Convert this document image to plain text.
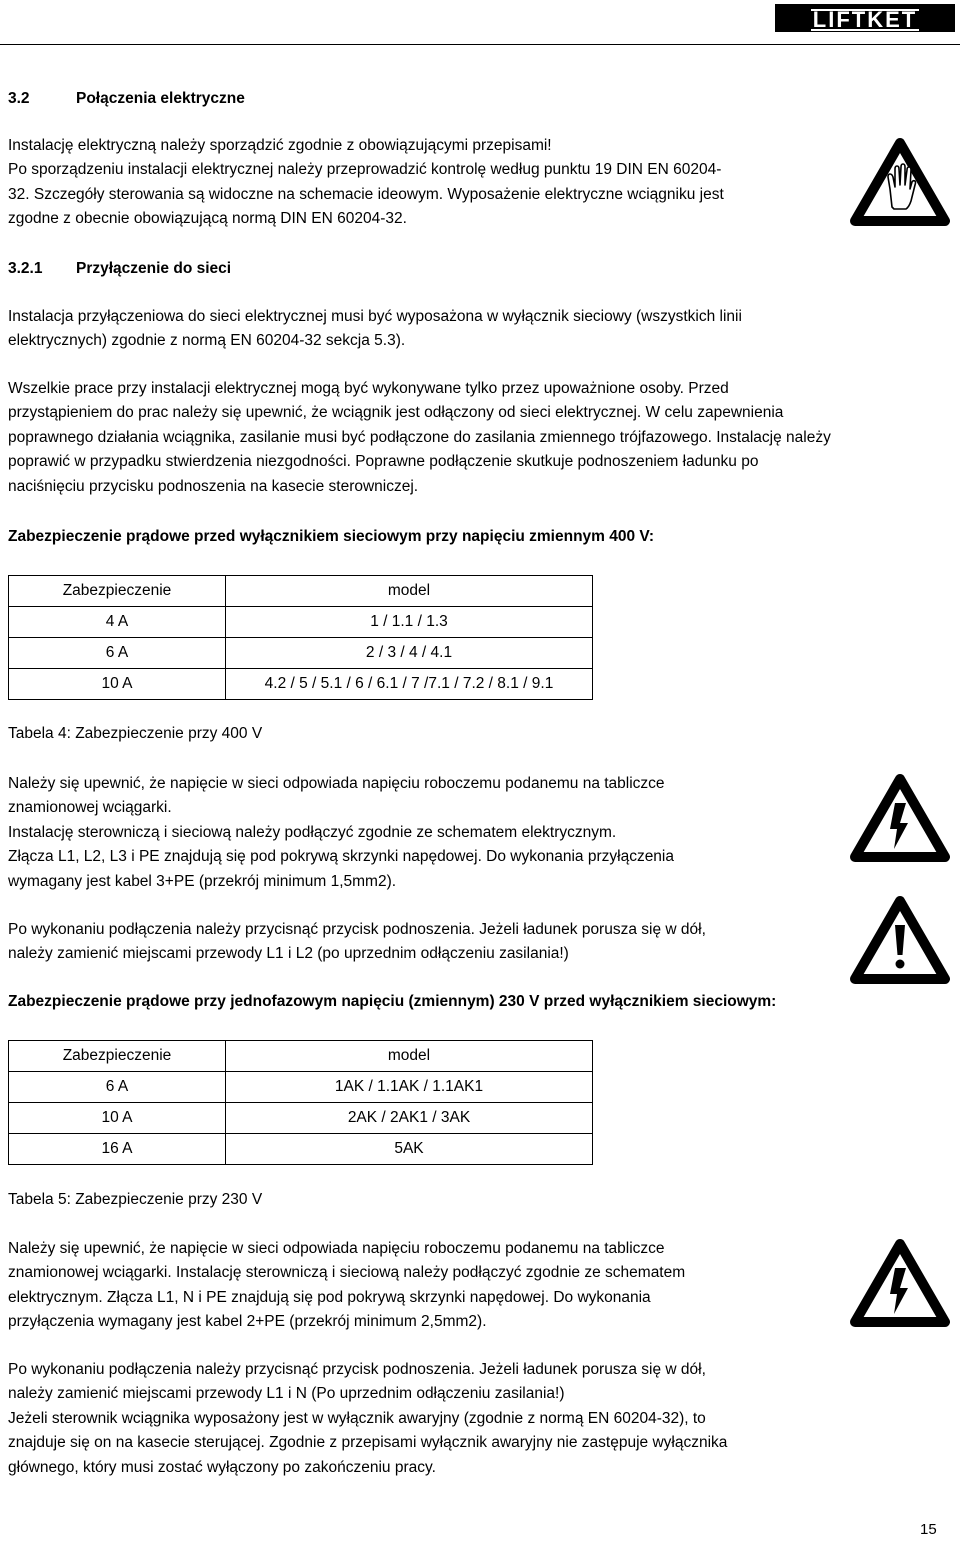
LIFTKET
3.2	Połączenia elektryczne
Instalację elektryczną należy sporządzić zgodnie z obowiązującymi przepisami!
Po sporządzeniu instalacji elektrycznej należy przeprowadzić kontrolę według punktu 19 DIN EN 60204-
32. Szczegóły sterowania są widoczne na schemacie ideowym. Wyposażenie elektryczne wciągniku jest
zgodne z obecnie obowiązującą normą DIN EN 60204-32.
3.2.1 Przyłączenie do sieci
Instalacja przyłączeniowa do sieci elektrycznej musi być wyposażona w wyłącznik sieciowy (wszystkich linii
elektrycznych) zgodnie z normą EN 60204-32 sekcja 5.3).
Wszelkie prace przy instalacji elektrycznej mogą być wykonywane tylko przez upoważnione osoby. Przed
przystąpieniem do prac należy się upewnić, że wciągnik jest odłączony od sieci elektrycznej. W celu zapewnienia
poprawnego działania wciągnika, zasilanie musi być podłączone do zasilania zmiennego trójfazowego. Instalację należy
poprawić w przypadku stwierdzenia niezgodności. Poprawne podłączenie skutkuje podnoszeniem ładunku po
naciśnięciu przycisku podnoszenia na kasecie sterowniczej.
Zabezpieczenie prądowe przed wyłącznikiem sieciowym przy napięciu zmiennym 400 V:
Zabezpieczenie	model
4 A	1 / 1.1 / 1.3
6 A	2 / 3 / 4 / 4.1
10 A	4.2 / 5 / 5.1 / 6 / 6.1 / 7 /7.1 / 7.2 / 8.1 / 9.1
Tabela 4: Zabezpieczenie przy 400 V
Należy się upewnić, że napięcie w sieci odpowiada napięciu roboczemu podanemu na tabliczce
znamionowej wciągarki.
Instalację sterowniczą i sieciową należy podłączyć zgodnie ze schematem elektrycznym.
Złącza L1, L2, L3 i PE znajdują się pod pokrywą skrzynki napędowej. Do wykonania przyłączenia
wymagany jest kabel 3+PE (przekrój minimum 1,5mm2).
Po wykonaniu podłączenia należy przycisnąć przycisk podnoszenia. Jeżeli ładunek porusza się w dół,
należy zamienić miejscami przewody L1 i L2 (po uprzednim odłączeniu zasilania!)
Zabezpieczenie prądowe przy jednofazowym napięciu (zmiennym) 230 V przed wyłącznikiem sieciowym:
Zabezpieczenie	model
6 A	1AK / 1.1AK / 1.1AK1
10 A	2AK / 2AK1 / 3AK
16 A	5AK
Tabela 5: Zabezpieczenie przy 230 V
Należy się upewnić, że napięcie w sieci odpowiada napięciu roboczemu podanemu na tabliczce
znamionowej wciągarki. Instalację sterowniczą i sieciową należy podłączyć zgodnie ze schematem
elektrycznym. Złącza L1, N i PE znajdują się pod pokrywą skrzynki napędowej. Do wykonania
przyłączenia wymagany jest kabel 2+PE (przekrój minimum 2,5mm2).
Po wykonaniu podłączenia należy przycisnąć przycisk podnoszenia. Jeżeli ładunek porusza się w dół,
należy zamienić miejscami przewody L1 i N (Po uprzednim odłączeniu zasilania!)
Jeżeli sterownik wciągnika wyposażony jest w wyłącznik awaryjny (zgodnie z normą EN 60204-32), to
znajduje się on na kasecie sterującej. Zgodnie z przepisami wyłącznik awaryjny nie zastępuje wyłącznika
głównego, który musi zostać wyłączony po zakończeniu pracy.
15
